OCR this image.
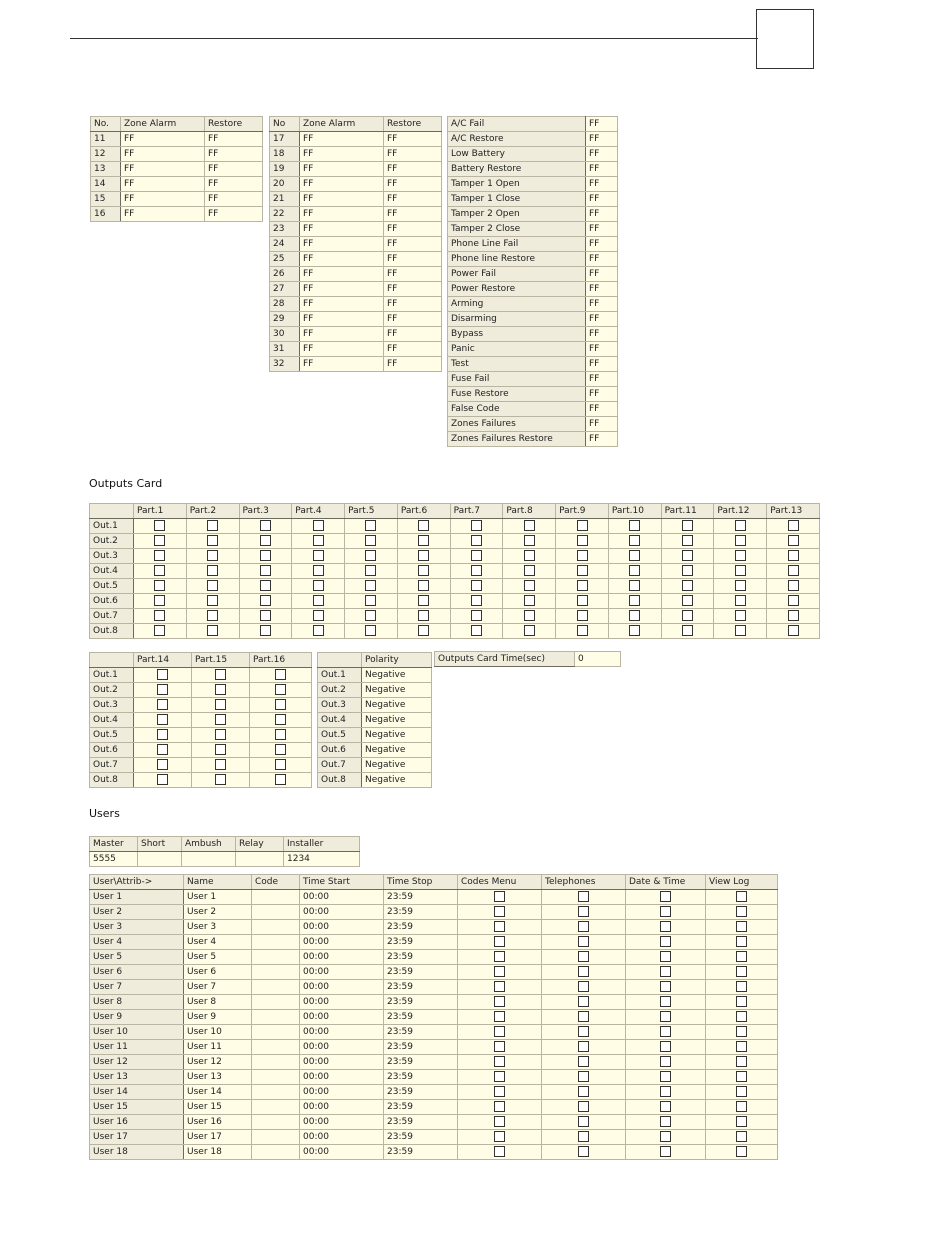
No.	Zone Alarm	Restore
11	FF	FF
12	FF	FF
13	FF	FF
14	FF	FF
15	FF	FF
16	FF	FF
No	Zone Alarm	Restore
17	FF	FF
18	FF	FF
19	FF	FF
20	FF	FF
21	FF	FF
22	FF	FF
23	FF	FF
24	FF	FF
25	FF	FF
26	FF	FF
27	FF	FF
28	FF	FF
29	FF	FF
30	FF	FF
31	FF	FF
32	FF	FF
A/C Fail	FF
A/C Restore	FF
Low Battery	FF
Battery Restore	FF
Tamper 1 Open	FF
Tamper 1 Close	FF
Tamper 2 Open	FF
Tamper 2 Close	FF
Phone Line Fail	FF
Phone line Restore	FF
Power Fail	FF
Power Restore	FF
Arming	FF
Disarming	FF
Bypass	FF
Panic	FF
Test	FF
Fuse Fail	FF
Fuse Restore	FF
False Code	FF
Zones Failures	FF
Zones Failures Restore	FF
Outputs Card
	Part.1	Part.2	Part.3	Part.4	Part.5	Part.6	Part.7	Part.8	Part.9	Part.10	Part.11	Part.12	Part.13
Out.1													
Out.2													
Out.3													
Out.4													
Out.5													
Out.6													
Out.7													
Out.8													
	Part.14	Part.15	Part.16
Out.1			
Out.2			
Out.3			
Out.4			
Out.5			
Out.6			
Out.7			
Out.8			
	Polarity
Out.1	Negative
Out.2	Negative
Out.3	Negative
Out.4	Negative
Out.5	Negative
Out.6	Negative
Out.7	Negative
Out.8	Negative
Outputs Card Time(sec)	0
Users
Master	Short	Ambush	Relay	Installer
5555				1234
User\Attrib->	Name	Code	Time Start	Time Stop	Codes Menu	Telephones	Date & Time	View Log
User 1	User 1		00:00	23:59				
User 2	User 2		00:00	23:59				
User 3	User 3		00:00	23:59				
User 4	User 4		00:00	23:59				
User 5	User 5		00:00	23:59				
User 6	User 6		00:00	23:59				
User 7	User 7		00:00	23:59				
User 8	User 8		00:00	23:59				
User 9	User 9		00:00	23:59				
User 10	User 10		00:00	23:59				
User 11	User 11		00:00	23:59				
User 12	User 12		00:00	23:59				
User 13	User 13		00:00	23:59				
User 14	User 14		00:00	23:59				
User 15	User 15		00:00	23:59				
User 16	User 16		00:00	23:59				
User 17	User 17		00:00	23:59				
User 18	User 18		00:00	23:59				
